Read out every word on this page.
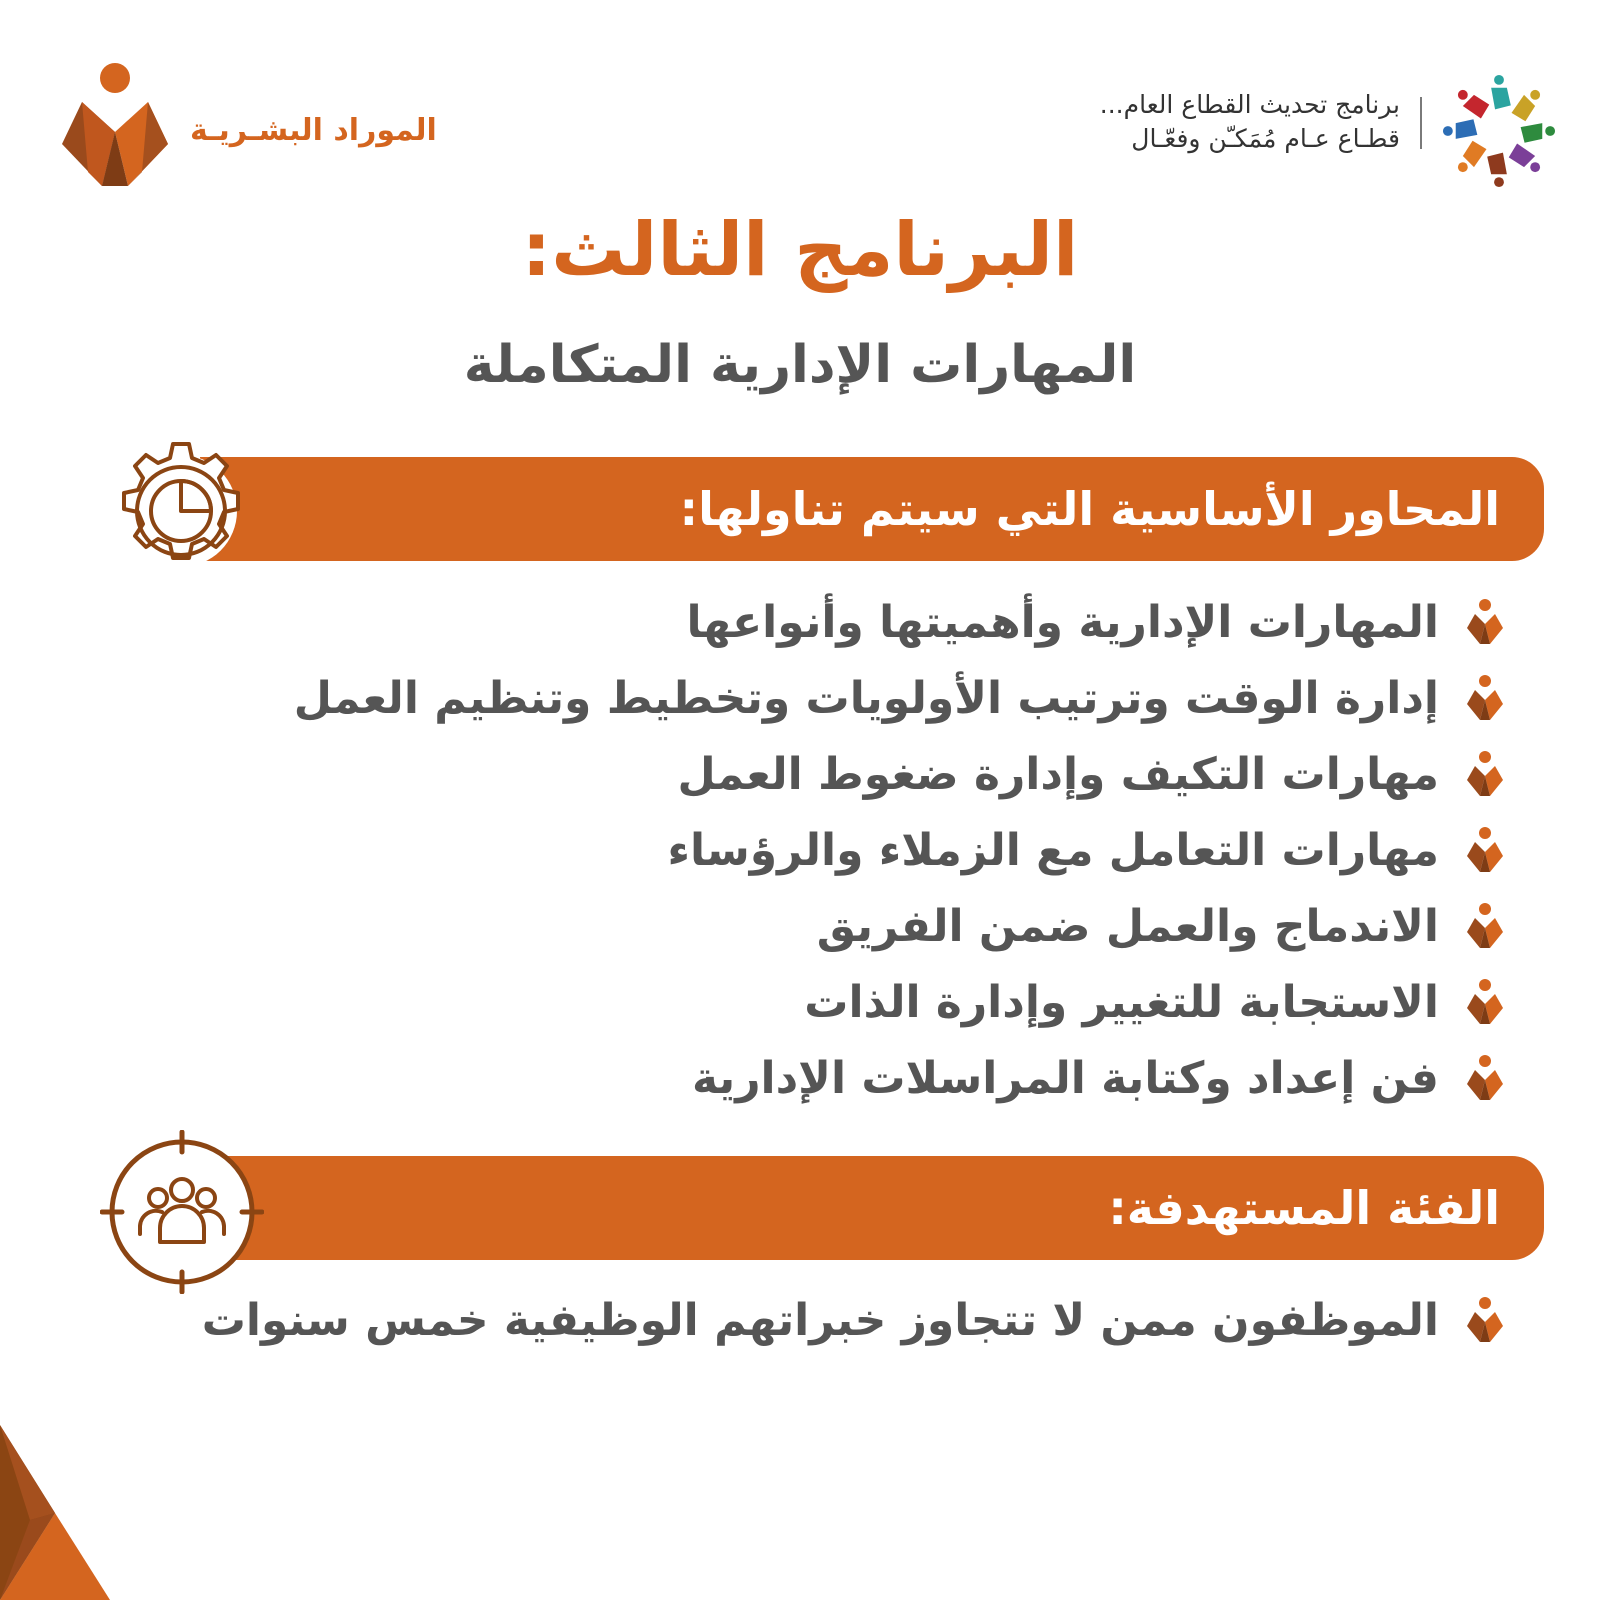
الموراد البشـريـة
برنامج تحديث القطاع العام...
قطـاع عـام مُمَكـّن وفعّـال
البرنامج الثالث:
المهارات الإدارية المتكاملة
المحاور الأساسية التي سيتم تناولها:
المهارات الإدارية وأهميتها وأنواعها
إدارة الوقت وترتيب الأولويات وتخطيط وتنظيم العمل
مهارات التكيف وإدارة ضغوط العمل
مهارات التعامل مع الزملاء والرؤساء
الاندماج والعمل ضمن الفريق
الاستجابة للتغيير وإدارة الذات
فن إعداد وكتابة المراسلات الإدارية
الفئة المستهدفة:
الموظفون ممن لا تتجاوز خبراتهم الوظيفية خمس سنوات
